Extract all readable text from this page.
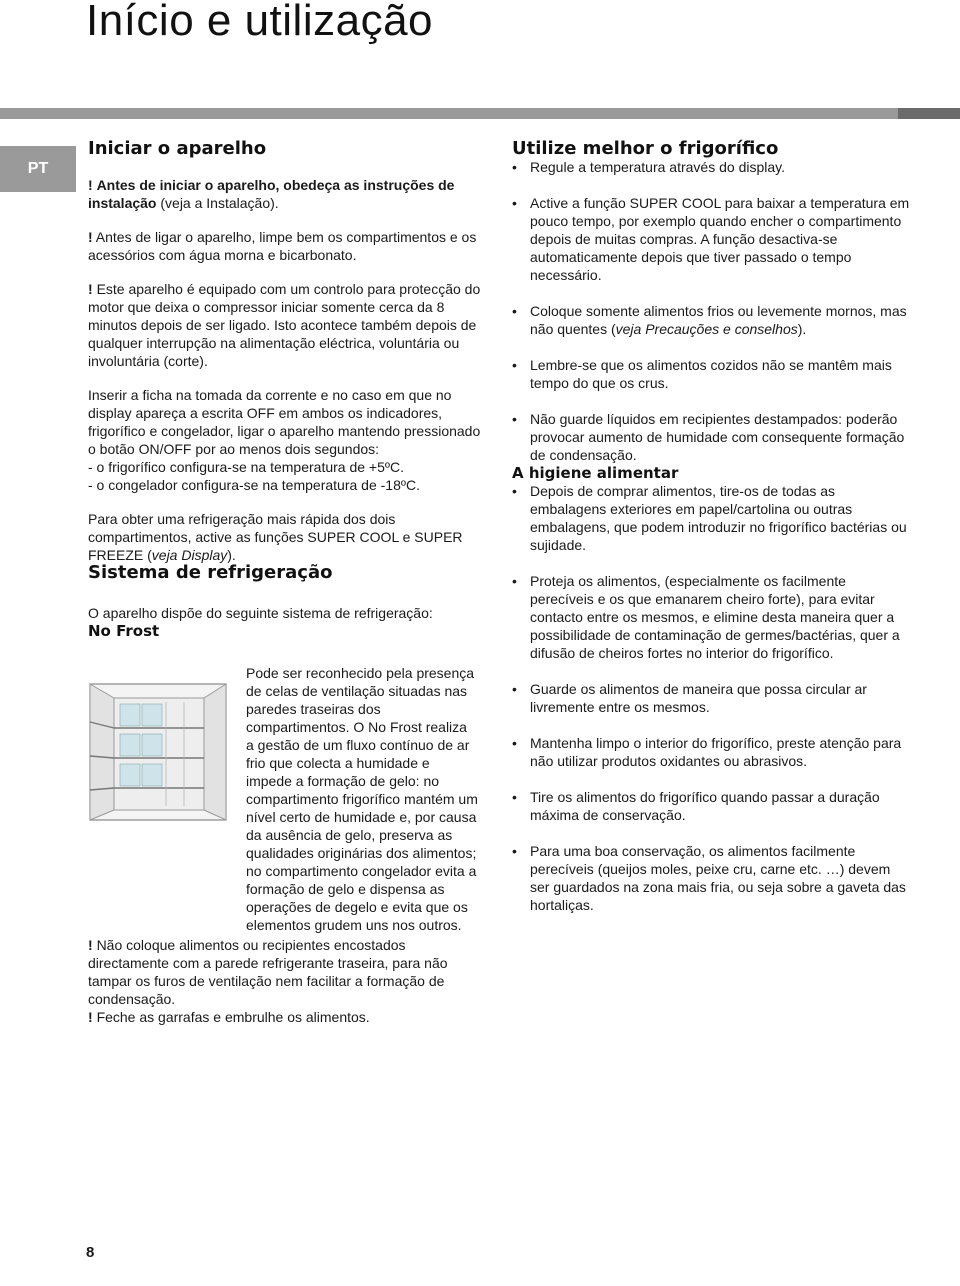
Início e utilização
PT
Iniciar o aparelho

! Antes de iniciar o aparelho, obedeça as instruções de instalação (veja a Instalação).

! Antes de ligar o aparelho, limpe bem os compartimentos e os acessórios com água morna e bicarbonato.

! Este aparelho é equipado com um controlo para protecção do motor que deixa o compressor iniciar somente cerca da 8 minutos depois de ser ligado. Isto acontece também depois de qualquer interrupção na alimentação eléctrica, voluntária ou involuntária (corte).

Inserir a ficha na tomada da corrente e no caso em que no display apareça a escrita OFF em ambos os indicadores, frigorífico e congelador, ligar o aparelho mantendo pressionado o botão ON/OFF por ao menos dois segundos:

- o frigorífico configura-se na temperatura de +5ºC.

- o congelador configura-se na temperatura de -18ºC.

Para obter uma refrigeração mais rápida dos dois compartimentos, active as funções SUPER COOL e SUPER FREEZE (veja Display).

Sistema de refrigeração

O aparelho dispõe do seguinte sistema de refrigeração:

No Frost

Pode ser reconhecido pela presença de celas de ventilação situadas nas paredes traseiras dos compartimentos. O No Frost realiza a gestão de um fluxo contínuo de ar frio que colecta a humidade e impede a formação de gelo: no compartimento frigorífico mantém um nível certo de humidade e, por causa da ausência de gelo, preserva as qualidades originárias dos alimentos; no compartimento congelador evita a formação de gelo e dispensa as operações de degelo e evita que os elementos grudem uns nos outros.

! Não coloque alimentos ou recipientes encostados directamente com a parede refrigerante traseira, para não tampar os furos de ventilação nem facilitar a formação de condensação.

! Feche as garrafas e embrulhe os alimentos.

Utilize melhor o frigorífico
• Regule a temperatura através do display.
• Active a função SUPER COOL para baixar a temperatura em pouco tempo, por exemplo quando encher o compartimento depois de muitas compras. A função desactiva-se automaticamente depois que tiver passado o tempo necessário.
• Coloque somente alimentos frios ou levemente mornos, mas não quentes (veja Precauções e conselhos).
• Lembre-se que os alimentos cozidos não se mantêm mais tempo do que os crus.
• Não guarde líquidos em recipientes destampados: poderão provocar aumento de humidade com consequente formação de condensação.
A higiene alimentar
• Depois de comprar alimentos, tire-os de todas as embalagens exteriores em papel/cartolina ou outras embalagens, que podem introduzir no frigorífico bactérias ou sujidade.
• Proteja os alimentos, (especialmente os facilmente perecíveis e os que emanarem cheiro forte), para evitar contacto entre os mesmos, e elimine desta maneira quer a possibilidade de contaminação de germes/bactérias, quer a difusão de cheiros fortes no interior do frigorífico.
• Guarde os alimentos de maneira que possa circular ar livremente entre os mesmos.
• Mantenha limpo o interior do frigorífico, preste atenção para não utilizar produtos oxidantes ou abrasivos.
• Tire os alimentos do frigorífico quando passar a duração máxima de conservação.
• Para uma boa conservação, os alimentos facilmente perecíveis (queijos moles, peixe cru, carne etc. …) devem ser guardados na zona mais fria, ou seja sobre a gaveta das hortaliças.
8
